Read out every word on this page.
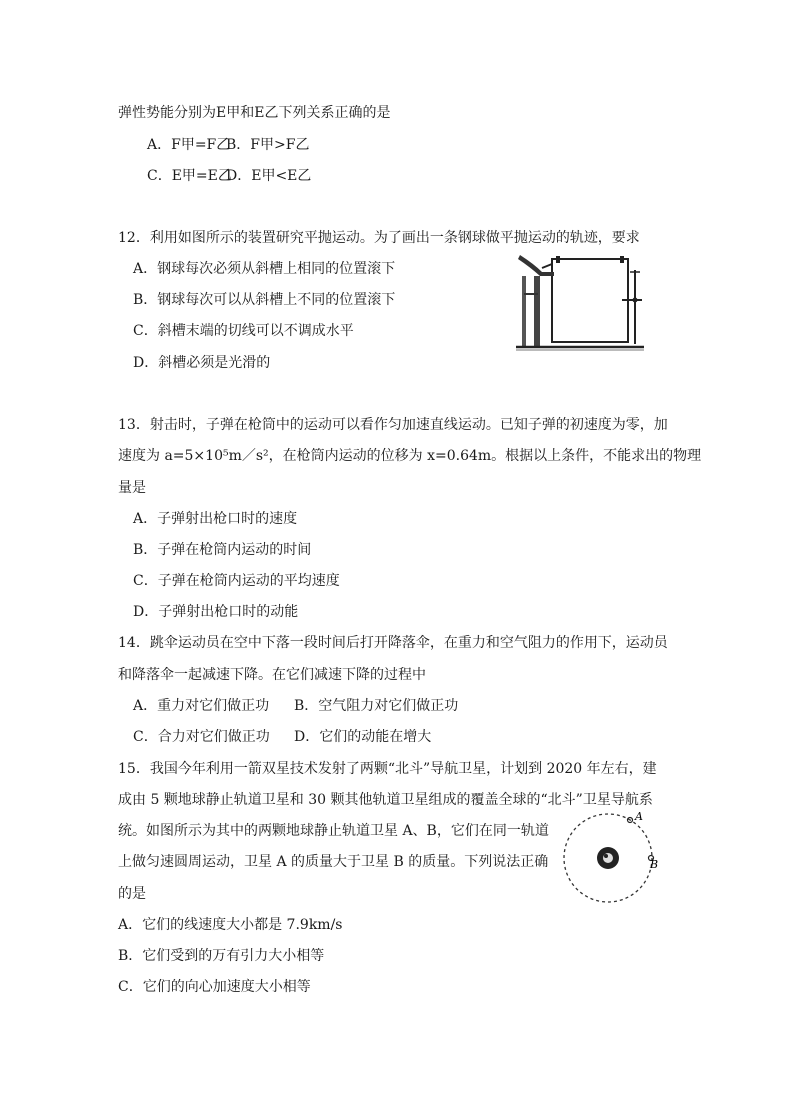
弹性势能分别为E甲和E乙下列关系正确的是
A．F甲=F乙
B．F甲>F乙
C．E甲=E乙
D．E甲<E乙
12．利用如图所示的装置研究平抛运动。为了画出一条钢球做平抛运动的轨迹，要求
A．钢球每次必须从斜槽上相同的位置滚下
B．钢球每次可以从斜槽上不同的位置滚下
C．斜槽末端的切线可以不调成水平
D．斜槽必须是光滑的
13．射击时，子弹在枪筒中的运动可以看作匀加速直线运动。已知子弹的初速度为零，加
速度为 a=5×10⁵m／s²，在枪筒内运动的位移为 x=0.64m。根据以上条件，不能求出的物理
量是
A．子弹射出枪口时的速度
B．子弹在枪筒内运动的时间
C．子弹在枪筒内运动的平均速度
D．子弹射出枪口时的动能
14．跳伞运动员在空中下落一段时间后打开降落伞，在重力和空气阻力的作用下，运动员
和降落伞一起减速下降。在它们减速下降的过程中
A．重力对它们做正功 B．空气阻力对它们做正功
C．合力对它们做正功 D．它们的动能在增大
15．我国今年利用一箭双星技术发射了两颗“北斗”导航卫星，计划到 2020 年左右，建
成由 5 颗地球静止轨道卫星和 30 颗其他轨道卫星组成的覆盖全球的“北斗”卫星导航系
统。如图所示为其中的两颗地球静止轨道卫星 A、B，它们在同一轨道
上做匀速圆周运动，卫星 A 的质量大于卫星 B 的质量。下列说法正确
的是
A．它们的线速度大小都是 7.9km/s
B．它们受到的万有引力大小相等
C．它们的向心加速度大小相等
A
B
